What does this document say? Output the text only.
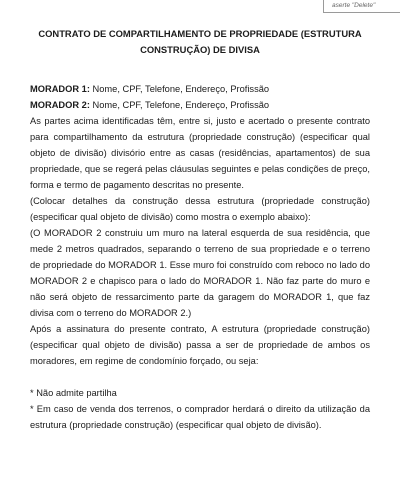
aserte "Delete"
CONTRATO DE COMPARTILHAMENTO DE PROPRIEDADE (ESTRUTURA CONSTRUÇÃO) DE DIVISA

MORADOR 1: Nome, CPF, Telefone, Endereço, Profissão

MORADOR 2: Nome, CPF, Telefone, Endereço, Profissão

As partes acima identificadas têm, entre si, justo e acertado o presente contrato para compartilhamento da estrutura (propriedade construção) (especificar qual objeto de divisão) divisório entre as casas (residências, apartamentos) de sua propriedade, que se regerá pelas cláusulas seguintes e pelas condições de preço, forma e termo de pagamento descritas no presente.

(Colocar detalhes da construção dessa estrutura (propriedade construção) (especificar qual objeto de divisão) como mostra o exemplo abaixo):

(O MORADOR 2 construiu um muro na lateral esquerda de sua residência, que mede 2 metros quadrados, separando o terreno de sua propriedade e o terreno de propriedade do MORADOR 1. Esse muro foi construído com reboco no lado do MORADOR 2 e chapisco para o lado do MORADOR 1. Não faz parte do muro e não será objeto de ressarcimento parte da garagem do MORADOR 1, que faz divisa com o terreno do MORADOR 2.)

Após a assinatura do presente contrato, A estrutura (propriedade construção) (especificar qual objeto de divisão) passa a ser de propriedade de ambos os moradores, em regime de condomínio forçado, ou seja:

* Não admite partilha

* Em caso de venda dos terrenos, o comprador herdará o direito da utilização da estrutura (propriedade construção) (especificar qual objeto de divisão).
